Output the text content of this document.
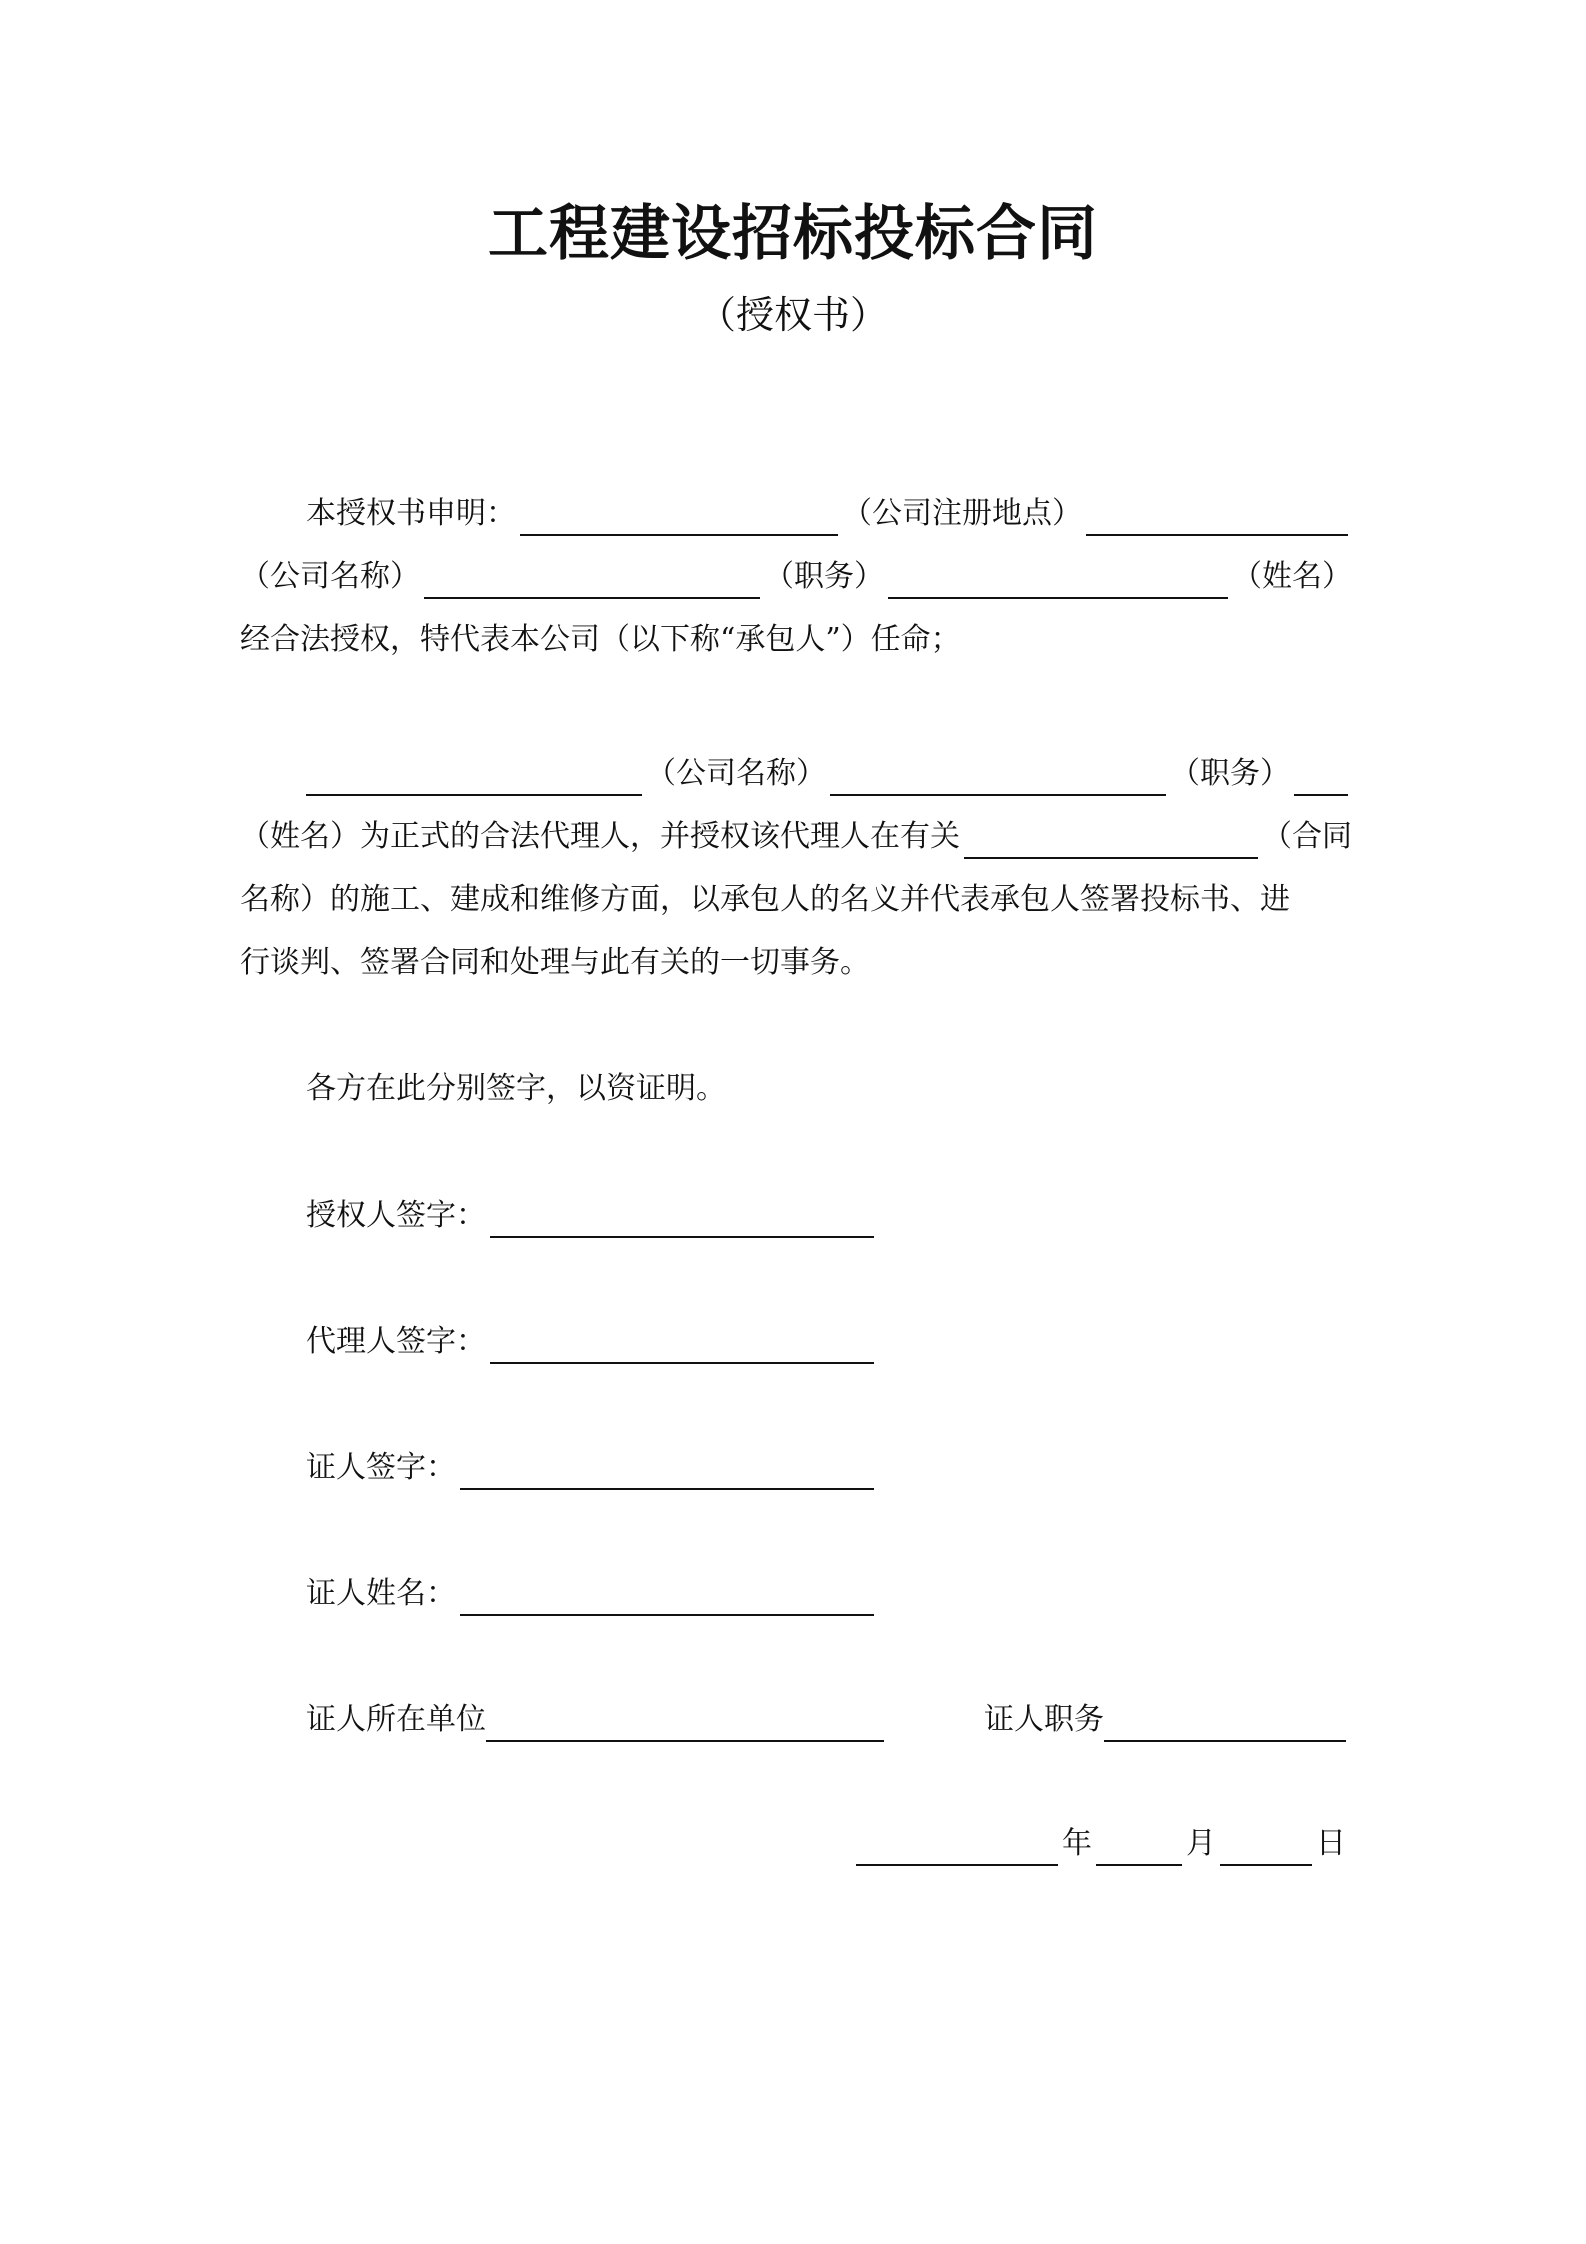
工程建设招标投标合同
（授权书）
本授权书申明：	（公司注册地点）
（公司名称）	（职务）	（姓名）
经合法授权，特代表本公司（以下称“承包人”）任命；
（公司名称）	（职务）
（姓名）为正式的合法代理人，并授权该代理人在有关	（合同
名称）的施工、建成和维修方面，以承包人的名义并代表承包人签署投标书、进
行谈判、签署合同和处理与此有关的一切事务。
各方在此分别签字，以资证明。
授权人签字：
代理人签字：
证人签字：
证人姓名：
证人所在单位	证人职务
年	月	日
